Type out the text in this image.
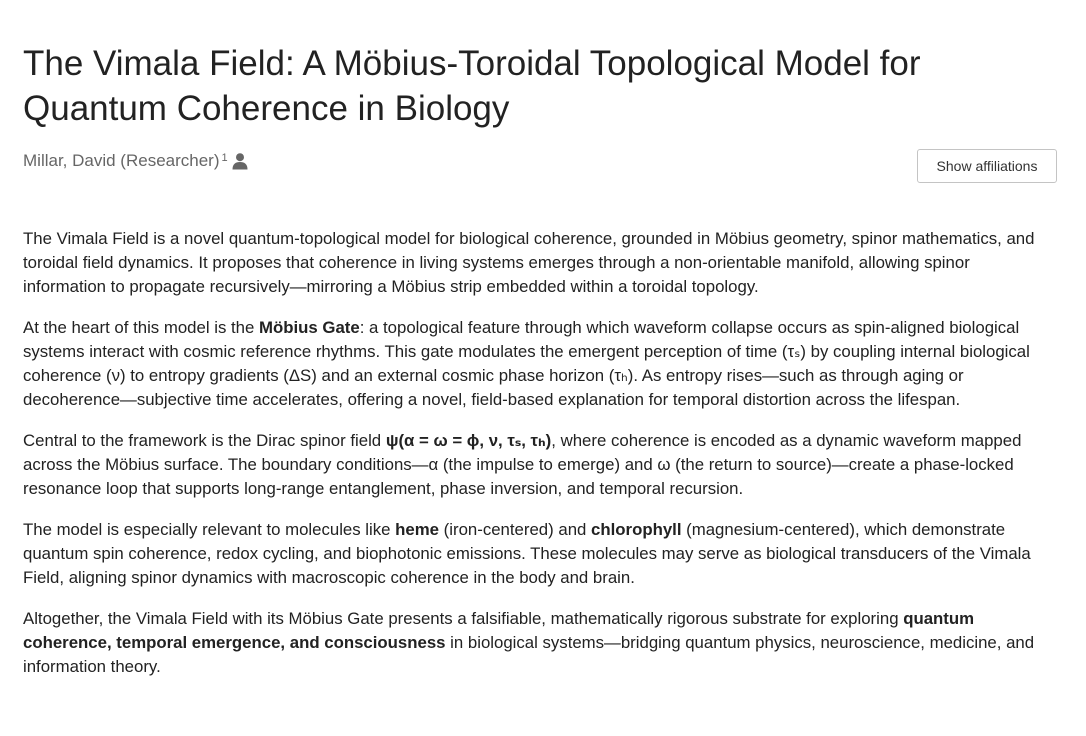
The Vimala Field: A Möbius-Toroidal Topological Model for Quantum Coherence in Biology
Millar, David (Researcher)$^1$	Show affiliations

The Vimala Field is a novel quantum-topological model for biological coherence, grounded in Möbius geometry, spinor mathematics, and toroidal field dynamics. It proposes that coherence in living systems emerges through a non-orientable manifold, allowing spinor information to propagate recursively—mirroring a Möbius strip embedded within a toroidal topology.

At the heart of this model is the Möbius Gate: a topological feature through which waveform collapse occurs as spin-aligned biological systems interact with cosmic reference rhythms. This gate modulates the emergent perception of time (τₛ) by coupling internal biological coherence (ν) to entropy gradients (ΔS) and an external cosmic phase horizon (τₕ). As entropy rises—such as through aging or decoherence—subjective time accelerates, offering a novel, field-based explanation for temporal distortion across the lifespan.

Central to the framework is the Dirac spinor field ψ(α = ω = ϕ, ν, τₛ, τₕ), where coherence is encoded as a dynamic waveform mapped across the Möbius surface. The boundary conditions—α (the impulse to emerge) and ω (the return to source)—create a phase-locked resonance loop that supports long-range entanglement, phase inversion, and temporal recursion.

The model is especially relevant to molecules like heme (iron-centered) and chlorophyll (magnesium-centered), which demonstrate quantum spin coherence, redox cycling, and biophotonic emissions. These molecules may serve as biological transducers of the Vimala Field, aligning spinor dynamics with macroscopic coherence in the body and brain.

Altogether, the Vimala Field with its Möbius Gate presents a falsifiable, mathematically rigorous substrate for exploring quantum coherence, temporal emergence, and consciousness in biological systems—bridging quantum physics, neuroscience, medicine, and information theory.
